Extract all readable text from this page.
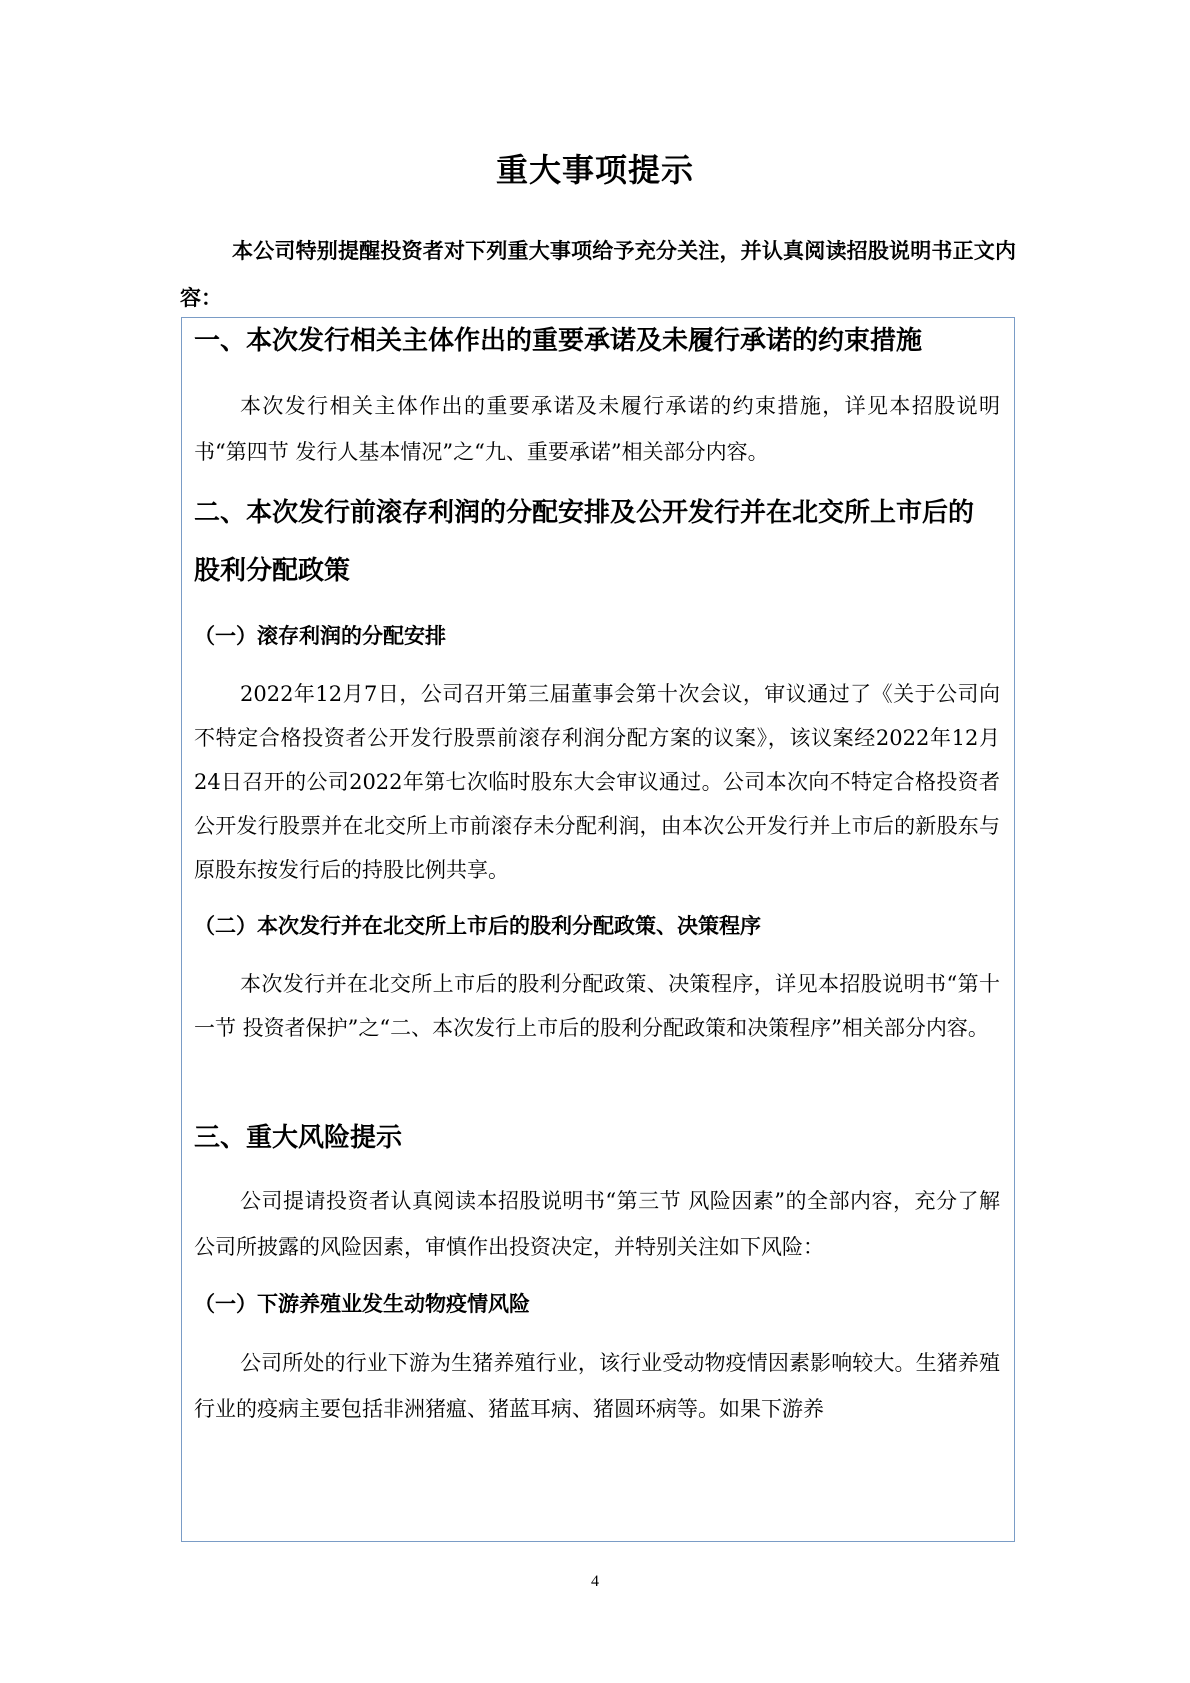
重大事项提示
本公司特别提醒投资者对下列重大事项给予充分关注，并认真阅读招股说明书正文内容：
一、本次发行相关主体作出的重要承诺及未履行承诺的约束措施
本次发行相关主体作出的重要承诺及未履行承诺的约束措施，详见本招股说明书“第四节 发行人基本情况”之“九、重要承诺”相关部分内容。
二、本次发行前滚存利润的分配安排及公开发行并在北交所上市后的股利分配政策
（一）滚存利润的分配安排
2022年12月7日，公司召开第三届董事会第十次会议，审议通过了《关于公司向不特定合格投资者公开发行股票前滚存利润分配方案的议案》，该议案经2022年12月24日召开的公司2022年第七次临时股东大会审议通过。公司本次向不特定合格投资者公开发行股票并在北交所上市前滚存未分配利润，由本次公开发行并上市后的新股东与原股东按发行后的持股比例共享。
（二）本次发行并在北交所上市后的股利分配政策、决策程序
本次发行并在北交所上市后的股利分配政策、决策程序，详见本招股说明书“第十一节 投资者保护”之“二、本次发行上市后的股利分配政策和决策程序”相关部分内容。
三、重大风险提示
公司提请投资者认真阅读本招股说明书“第三节 风险因素”的全部内容，充分了解公司所披露的风险因素，审慎作出投资决定，并特别关注如下风险：
（一）下游养殖业发生动物疫情风险
公司所处的行业下游为生猪养殖行业，该行业受动物疫情因素影响较大。生猪养殖行业的疫病主要包括非洲猪瘟、猪蓝耳病、猪圆环病等。如果下游养
4
